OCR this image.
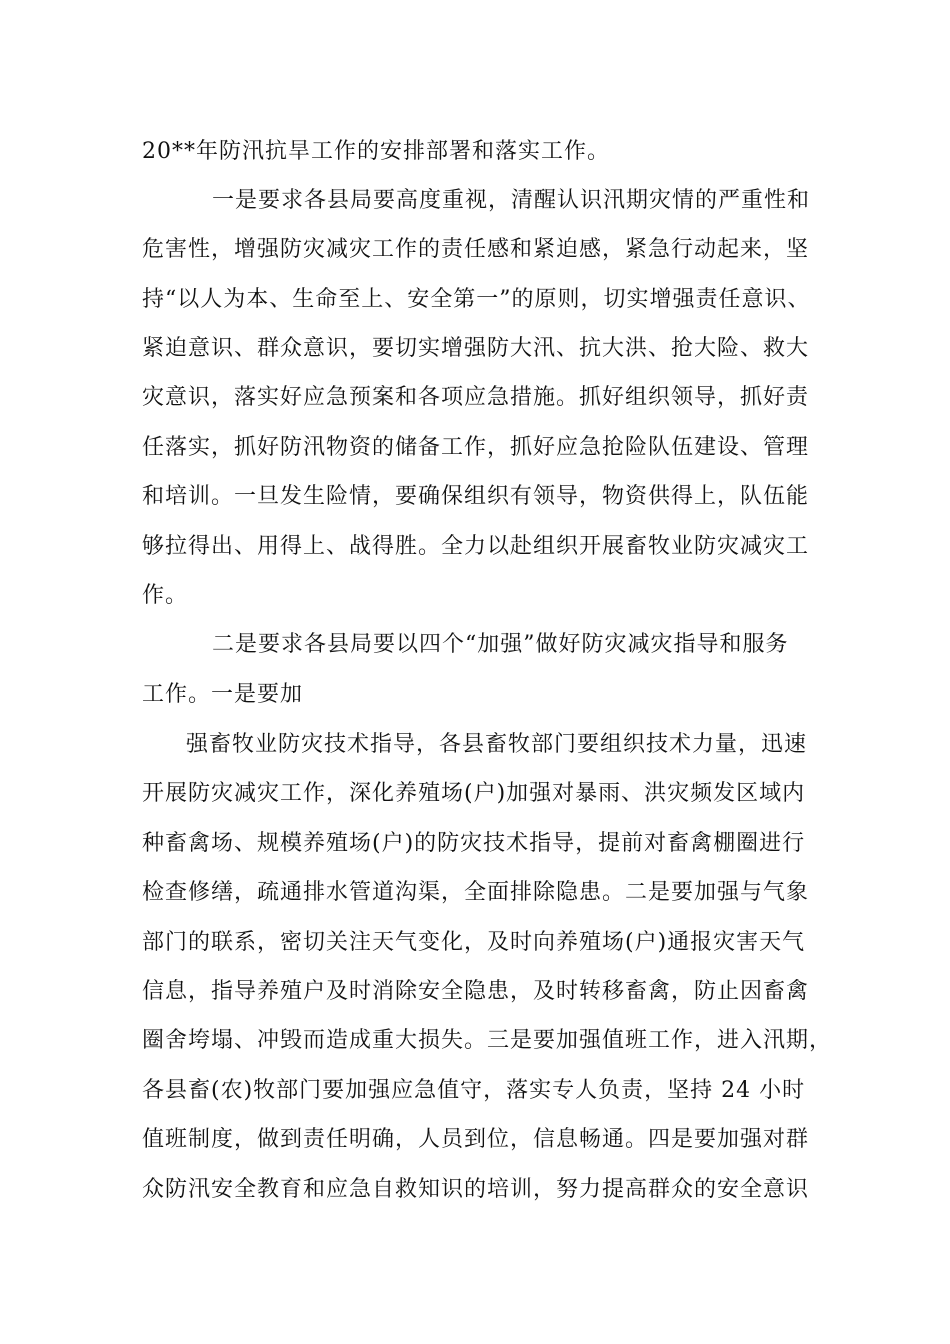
20**年防汛抗旱工作的安排部署和落实工作。
一是要求各县局要高度重视，清醒认识汛期灾情的严重性和
危害性，增强防灾减灾工作的责任感和紧迫感，紧急行动起来，坚
持“以人为本、生命至上、安全第一”的原则，切实增强责任意识、
紧迫意识、群众意识，要切实增强防大汛、抗大洪、抢大险、救大
灾意识，落实好应急预案和各项应急措施。抓好组织领导，抓好责
任落实，抓好防汛物资的储备工作，抓好应急抢险队伍建设、管理
和培训。一旦发生险情，要确保组织有领导，物资供得上，队伍能
够拉得出、用得上、战得胜。全力以赴组织开展畜牧业防灾减灾工
作。
二是要求各县局要以四个“加强”做好防灾减灾指导和服务
工作。一是要加
强畜牧业防灾技术指导，各县畜牧部门要组织技术力量，迅速
开展防灾减灾工作，深化养殖场(户)加强对暴雨、洪灾频发区域内
种畜禽场、规模养殖场(户)的防灾技术指导，提前对畜禽棚圈进行
检查修缮，疏通排水管道沟渠，全面排除隐患。二是要加强与气象
部门的联系，密切关注天气变化，及时向养殖场(户)通报灾害天气
信息，指导养殖户及时消除安全隐患，及时转移畜禽，防止因畜禽
圈舍垮塌、冲毁而造成重大损失。三是要加强值班工作，进入汛期，
各县畜(农)牧部门要加强应急值守，落实专人负责，坚持 24 小时
值班制度，做到责任明确，人员到位，信息畅通。四是要加强对群
众防汛安全教育和应急自救知识的培训，努力提高群众的安全意识
